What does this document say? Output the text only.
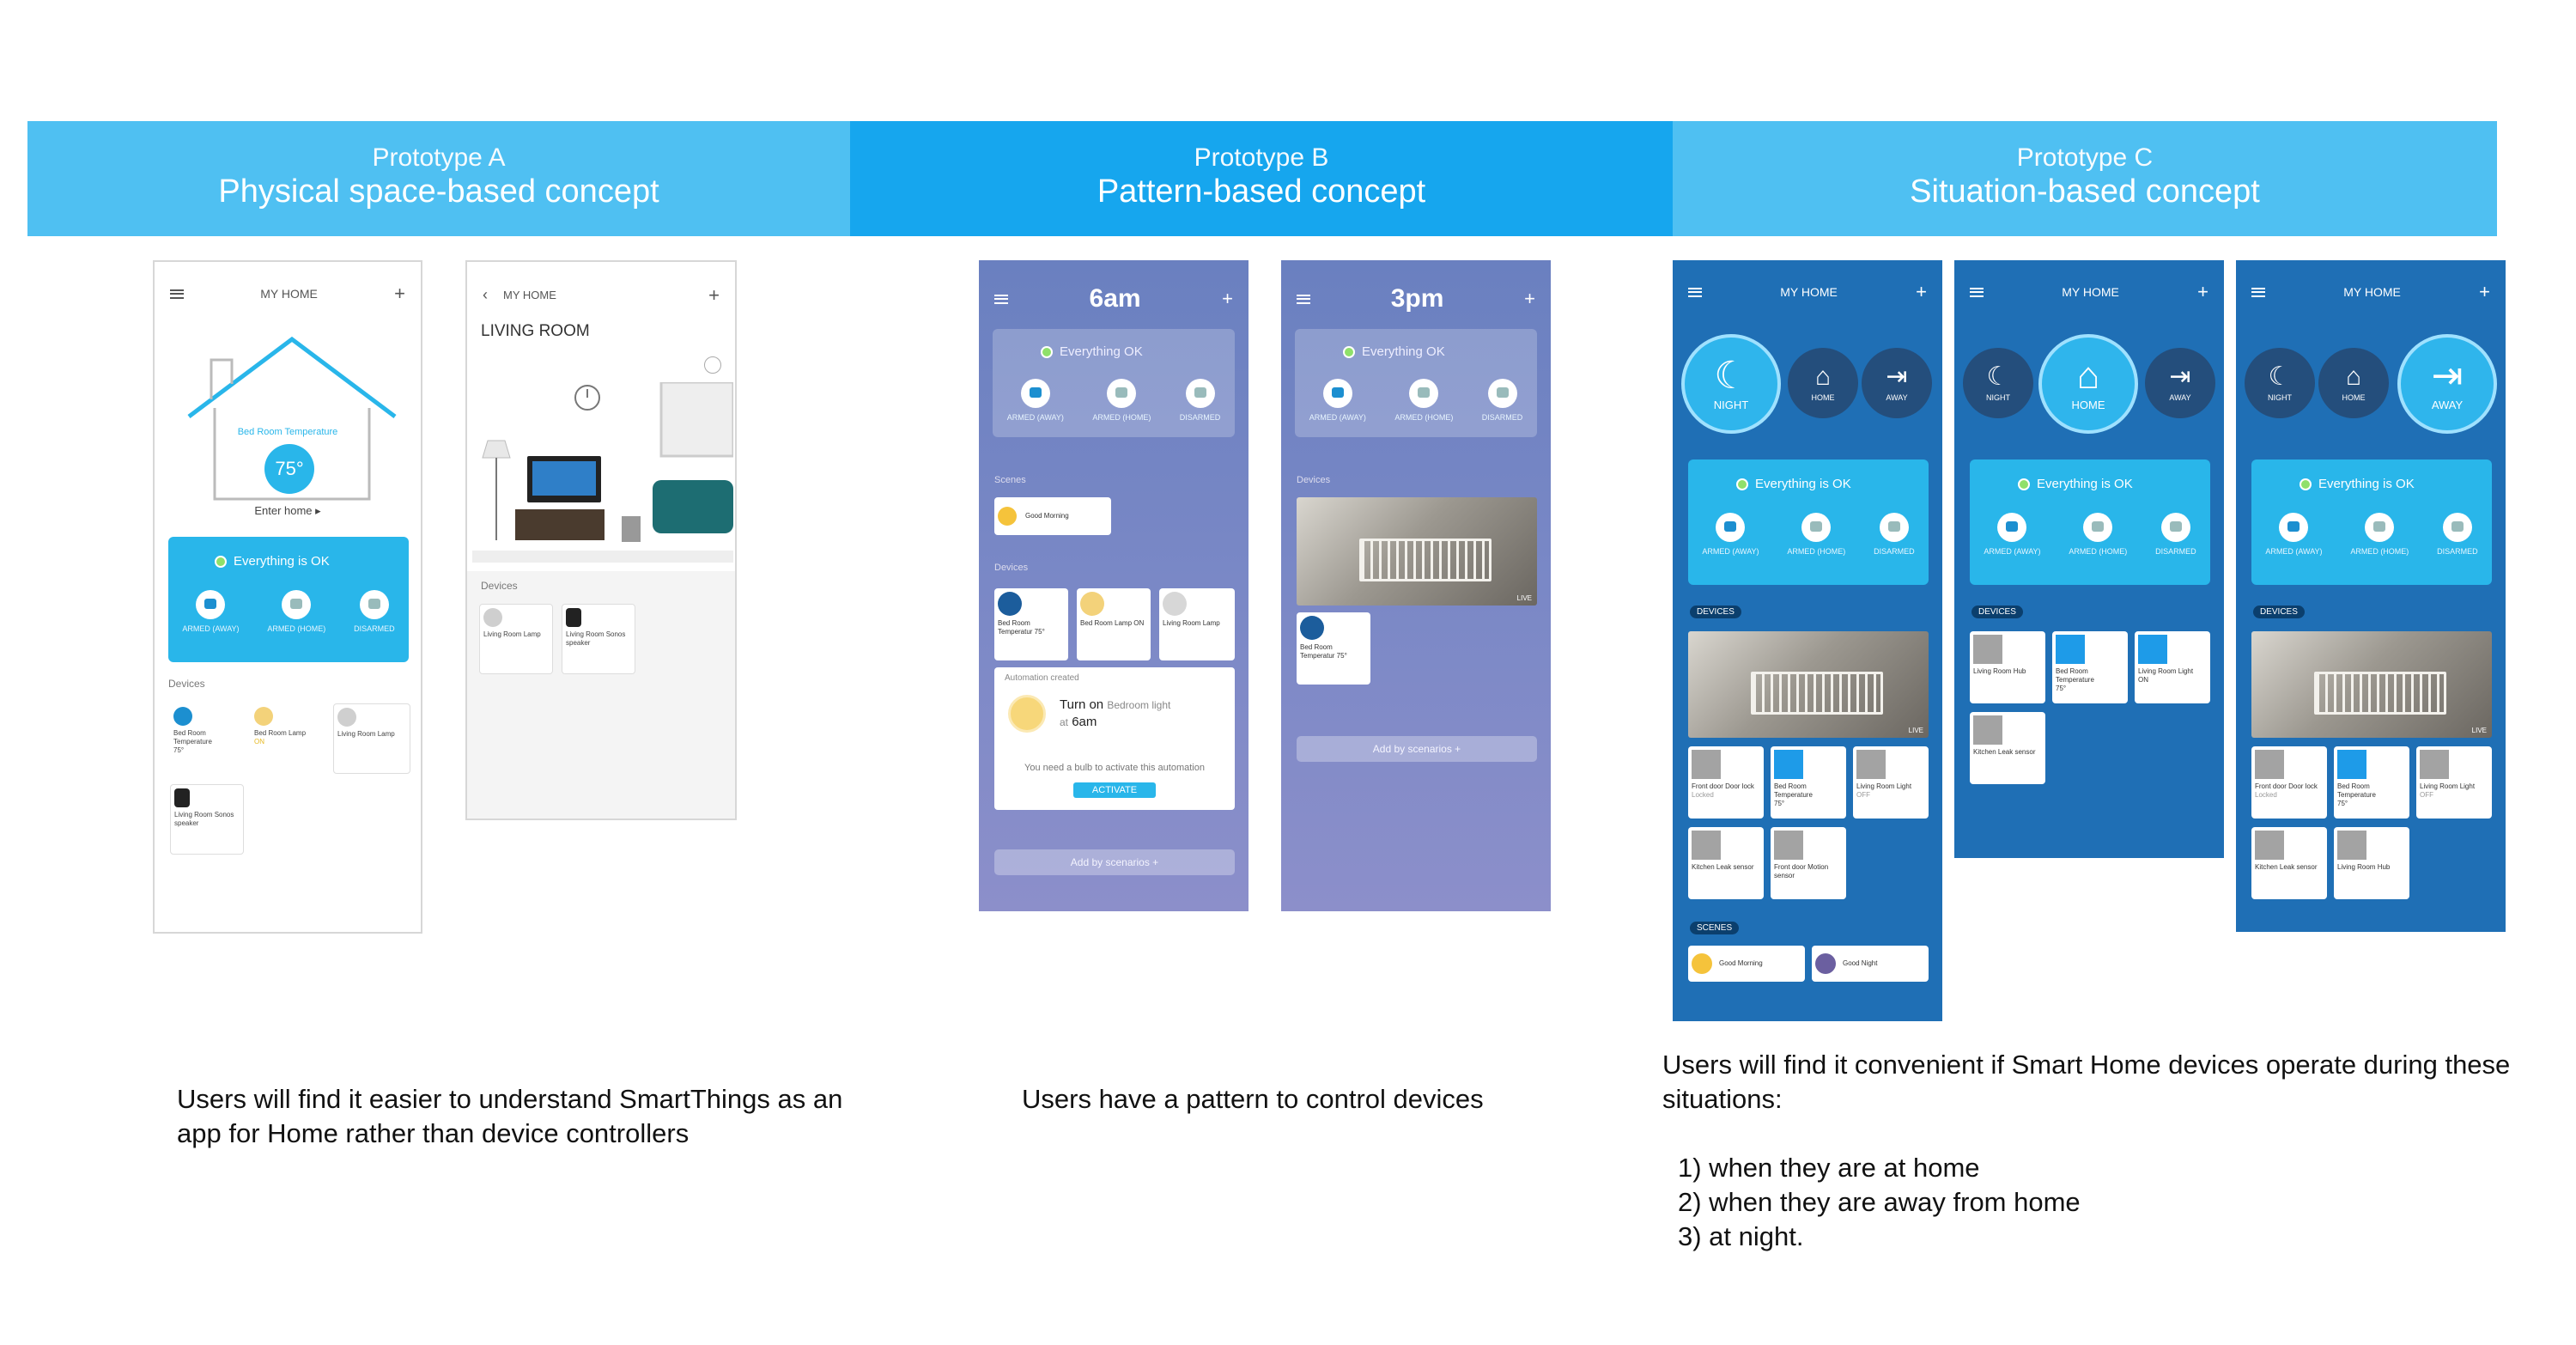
Prototype A
Physical space-based concept
Prototype B
Pattern-based concept
Prototype C
Situation-based concept
MY HOME	+
Bed Room Temperature
75°
Enter home ▸
Everything is OK
ARMED (AWAY)	ARMED (HOME)	DISARMED
Devices
Bed Room Temperature
75°
Bed Room Lamp
ON
Living Room Lamp
Living Room Sonos speaker
‹ MY HOME	+
LIVING ROOM
Devices
Living Room Lamp	Living Room Sonos speaker
6am	+
Everything OK
ARMED (AWAY)	ARMED (HOME)	DISARMED
Scenes
Good Morning
Devices
Bed Room Temperatur 75°
Bed Room Lamp ON	Living Room Lamp
Automation created
Turn on Bedroom light
at 6am
You need a bulb to activate this automation
ACTIVATE
Add by scenarios +
3pm	+
Everything OK
ARMED (AWAY)	ARMED (HOME)	DISARMED
Devices
LIVE
Bed Room Temperatur 75°
Add by scenarios +
MY HOME	+
☾
NIGHT
⌂
HOME
⇥
AWAY
Everything is OK
ARMED (AWAY)	ARMED (HOME)	DISARMED
DEVICES
LIVE
Front door Door lock
Locked
Bed Room Temperature
75°
Living Room Light
OFF
Kitchen Leak sensor	Front door Motion sensor
SCENES
Good Morning	Good Night
MY HOME	+
☾
NIGHT
⌂
HOME
⇥
AWAY
Everything is OK
ARMED (AWAY)	ARMED (HOME)	DISARMED
DEVICES
Living Room Hub	Bed Room Temperature
75°
Living Room Light
ON
Kitchen Leak sensor
MY HOME	+
☾
NIGHT
⌂
HOME
⇥
AWAY
Everything is OK
ARMED (AWAY)	ARMED (HOME)	DISARMED
DEVICES
LIVE
Front door Door lock
Locked
Bed Room Temperature
75°
Living Room Light
OFF
Kitchen Leak sensor	Living Room Hub
Users will find it easier to understand SmartThings as an app for Home rather than device controllers
Users have a pattern to control devices
Users will find it convenient if Smart Home devices operate during these situations:
1) when they are at home
2) when they are away from home
3) at night.
